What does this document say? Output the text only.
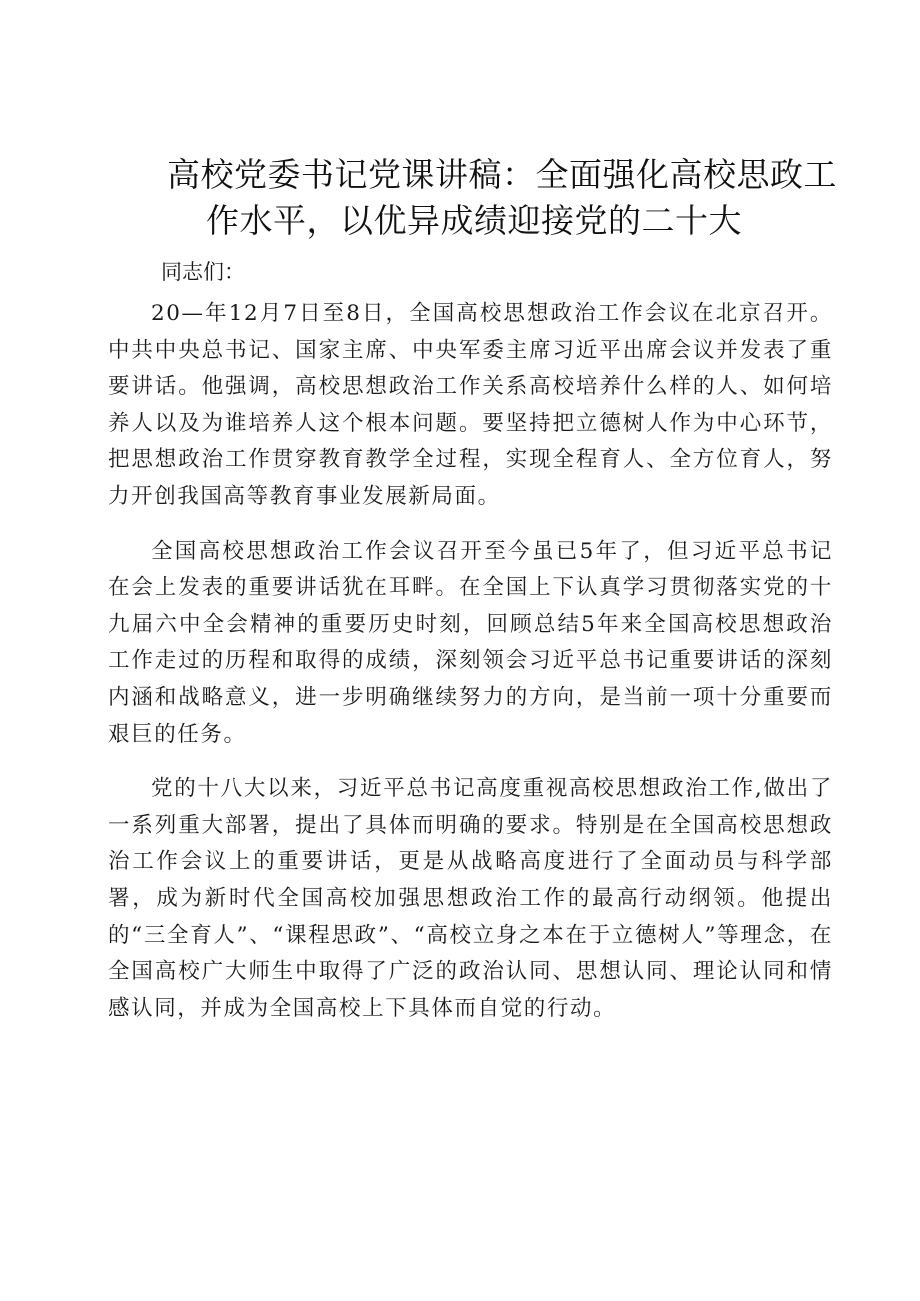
高校党委书记党课讲稿：全面强化高校思政工
作水平，以优异成绩迎接党的二十大

同志们：

20—年12月7日至8日，全国高校思想政治工作会议在北京召开。中共中央总书记、国家主席、中央军委主席习近平出席会议并发表了重要讲话。他强调，高校思想政治工作关系高校培养什么样的人、如何培养人以及为谁培养人这个根本问题。要坚持把立德树人作为中心环节，把思想政治工作贯穿教育教学全过程，实现全程育人、全方位育人，努力开创我国高等教育事业发展新局面。

全国高校思想政治工作会议召开至今虽已5年了，但习近平总书记在会上发表的重要讲话犹在耳畔。在全国上下认真学习贯彻落实党的十九届六中全会精神的重要历史时刻，回顾总结5年来全国高校思想政治工作走过的历程和取得的成绩，深刻领会习近平总书记重要讲话的深刻内涵和战略意义，进一步明确继续努力的方向，是当前一项十分重要而艰巨的任务。

党的十八大以来，习近平总书记高度重视高校思想政治工作,做出了一系列重大部署，提出了具体而明确的要求。特别是在全国高校思想政治工作会议上的重要讲话，更是从战略高度进行了全面动员与科学部署，成为新时代全国高校加强思想政治工作的最高行动纲领。他提出的“三全育人”、“课程思政”、“高校立身之本在于立德树人”等理念，在全国高校广大师生中取得了广泛的政治认同、思想认同、理论认同和情感认同，并成为全国高校上下具体而自觉的行动。
